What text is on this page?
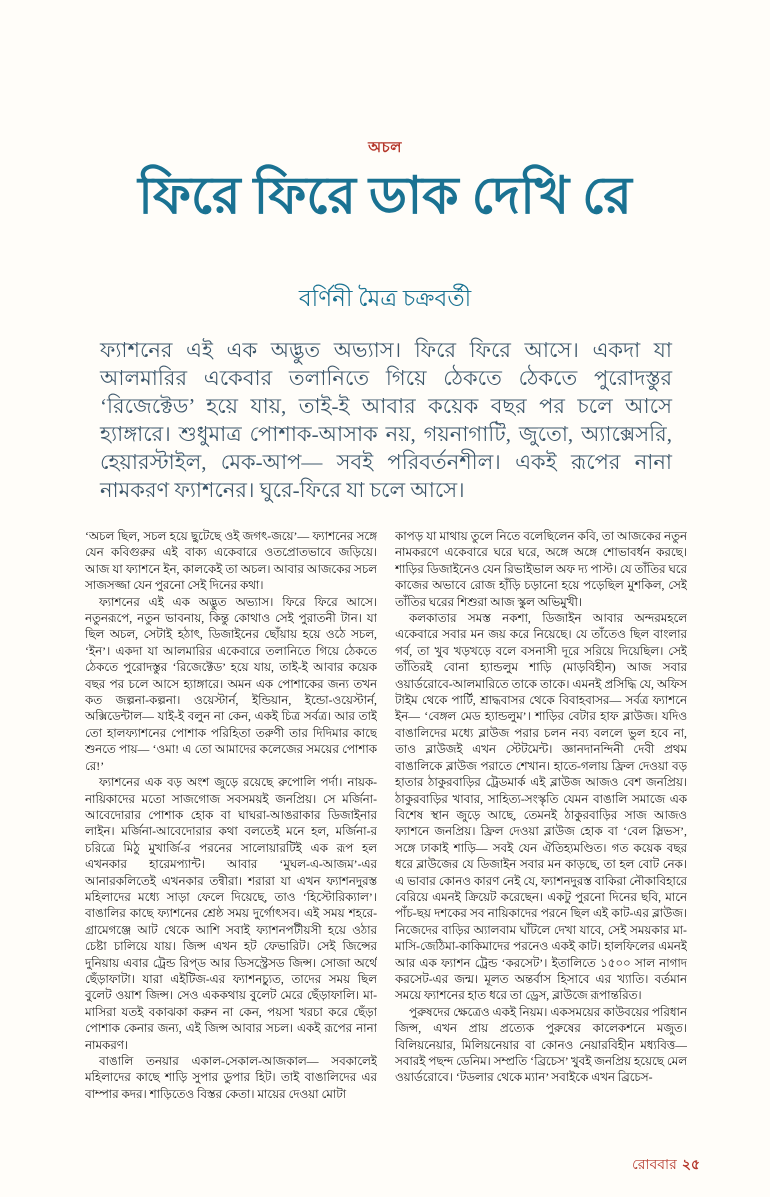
অচল
ফিরে ফিরে ডাক দেখি রে
বর্ণিনী মৈত্র চক্রবর্তী
ফ্যাশনের এই এক অদ্ভুত অভ্যাস। ফিরে ফিরে আসে। একদা যা আলমারির একেবার তলানিতে গিয়ে ঠেকতে ঠেকতে পুরোদস্তুর ‘রিজেক্টেড’ হয়ে যায়, তাই-ই আবার কয়েক বছর পর চলে আসে হ্যাঙ্গারে। শুধুমাত্র পোশাক-আসাক নয়, গয়নাগাটি, জুতো, অ্যাক্সেসরি, হেয়ারস্টাইল, মেক-আপ— সবই পরিবর্তনশীল। একই রূপের নানা নামকরণ ফ্যাশনের। ঘুরে-ফিরে যা চলে আসে।

‘অচল ছিল, সচল হয়ে ছুটেছে ওই জগৎ-জয়ে’— ফ্যাশনের সঙ্গে যেন কবিগুরুর এই বাক্য একেবারে ওতপ্রোতভাবে জড়িয়ে। আজ যা ফ্যাশনে ইন, কালকেই তা অচল। আবার আজকের সচল সাজসজ্জা যেন পুরনো সেই দিনের কথা।

ফ্যাশনের এই এক অদ্ভুত অভ্যাস। ফিরে ফিরে আসে। নতুনরূপে, নতুন ভাবনায়, কিন্তু কোথাও সেই পুরাতনী টান। যা ছিল অচল, সেটাই হঠাৎ, ডিজাইনের ছোঁয়ায় হয়ে ওঠে সচল, ‘ইন’। একদা যা আলমারির একেবারে তলানিতে গিয়ে ঠেকতে ঠেকতে পুরোদস্তুর ‘রিজেক্টেড’ হয়ে যায়, তাই-ই আবার কয়েক বছর পর চলে আসে হ্যাঙ্গারে। অমন এক পোশাকের জন্য তখন কত জল্পনা-কল্পনা। ওয়েস্টার্ন, ইন্ডিয়ান, ইন্ডো-ওয়েস্টার্ন, অক্সিডেন্টাল— যাই-ই বলুন না কেন, একই চিত্র সর্বত্র। আর তাই তো হালফ্যাশনের পোশাক পরিহিতা তরুণী তার দিদিমার কাছে শুনতে পায়— ‘ওমা! এ তো আমাদের কলেজের সময়ের পোশাক রে!’

ফ্যাশনের এক বড় অংশ জুড়ে রয়েছে রুপোলি পর্দা। নায়ক-নায়িকাদের মতো সাজগোজ সবসময়ই জনপ্রিয়। সে মর্জিনা-আবেদোরার পোশাক হোক বা ঘাঘরা-আঙরাকার ডিজাইনার লাইন। মর্জিনা-আবেদোরার কথা বলতেই মনে হল, মর্জিনা-র চরিত্রে মিঠু মুখার্জি-র পরনের সালোয়ারটিই এক রূপ হল এখনকার হারেমপ্যান্ট। আবার ‘মুঘল-এ-আজম’-এর আনারকলিতেই এখনকার তন্বীরা। শরারা যা এখন ফ্যাশনদুরস্ত মহিলাদের মধ্যে সাড়া ফেলে দিয়েছে, তাও ‘হিস্টোরিক্যাল’। বাঙালির কাছে ফ্যাশনের শ্রেষ্ঠ সময় দুর্গোৎসব। এই সময় শহরে-গ্রামেগঞ্জে আট থেকে আশি সবাই ফ্যাশনপটীয়সী হয়ে ওঠার চেষ্টা চালিয়ে যায়। জিন্স এখন হট ফেভারিট। সেই জিন্সের দুনিয়ায় এবার ট্রেন্ড রিপ্ড আর ডিসস্ট্রেসড জিন্স। সোজা অর্থে ছেঁড়াফাটা। যারা এইটিজ-এর ফ্যাশনচ্যুত, তাদের সময় ছিল বুলেট ওয়াশ জিন্স। সেও এককথায় বুলেট মেরে ছেঁড়াফালি। মা-মাসিরা যতই বকাঝকা করুন না কেন, পয়সা খরচা করে ছেঁড়া পোশাক কেনার জন্য, এই জিন্স আবার সচল। একই রূপের নানা নামকরণ।

বাঙালি তনয়ার একাল-সেকাল-আজকাল— সবকালেই মহিলাদের কাছে শাড়ি সুপার ডুপার হিট। তাই বাঙালিদের এর বাম্পার কদর। শাড়িতেও বিস্তর কেতা। মায়ের দেওয়া মোটা

কাপড় যা মাথায় তুলে নিতে বলেছিলেন কবি, তা আজকের নতুন নামকরণে একেবারে ঘরে ঘরে, অঙ্গে অঙ্গে শোভাবর্ধন করছে। শাড়ির ডিজাইনেও যেন রিভাইভাল অফ দ্য পাস্ট। যে তাঁতির ঘরে কাজের অভাবে রোজ হাঁড়ি চড়ানো হয়ে পড়েছিল মুশকিল, সেই তাঁতির ঘরের শিশুরা আজ স্কুল অভিমুখী।

কলকাতার সমস্ত নকশা, ডিজাইন আবার অন্দরমহলে একেবারে সবার মন জয় করে নিয়েছে। যে তাঁতেও ছিল বাংলার গর্ব, তা খুব খড়খড়ে বলে বসনাসী দূরে সরিয়ে দিয়েছিল। সেই তাঁতিরই বোনা হ্যান্ডলুম শাড়ি (মাড়বিহীন) আজ সবার ওয়ার্ডরোবে-আলমারিতে তাকে তাকে। এমনই প্রসিদ্ধি যে, অফিস টাইম থেকে পার্টি, শ্রাদ্ধবাসর থেকে বিবাহবাসর— সর্বত্র ফ্যাশনে ইন— ‘বেঙ্গল মেড হ্যান্ডলুম’। শাড়ির বেটার হাফ ব্লাউজ। যদিও বাঙালিদের মধ্যে ব্লাউজ পরার চলন নব্য বললে ভুল হবে না, তাও ব্লাউজই এখন স্টেটমেন্ট। জ্ঞানদানন্দিনী দেবী প্রথম বাঙালিকে ব্লাউজ পরাতে শেখান। হাতে-গলায় ফ্রিল দেওয়া বড় হাতার ঠাকুরবাড়ির ট্রেডমার্ক এই ব্লাউজ আজও বেশ জনপ্রিয়। ঠাকুরবাড়ির খাবার, সাহিত্য-সংস্কৃতি যেমন বাঙালি সমাজে এক বিশেষ স্থান জুড়ে আছে, তেমনই ঠাকুরবাড়ির সাজ আজও ফ্যাশনে জনপ্রিয়। ফ্রিল দেওয়া ব্লাউজ হোক বা ‘বেল স্লিভস’, সঙ্গে ঢাকাই শাড়ি— সবই যেন ঐতিহ্যমণ্ডিত। গত কয়েক বছর ধরে ব্লাউজের যে ডিজাইন সবার মন কাড়ছে, তা হল বোট নেক। এ ভাবার কোনও কারণ নেই যে, ফ্যাশনদুরস্ত বাকিরা নৌকাবিহারে বেরিয়ে এমনই ক্রিয়েট করেছেন। একটু পুরনো দিনের ছবি, মানে পাঁচ-ছয় দশকের সব নায়িকাদের পরনে ছিল এই কাট-এর ব্লাউজ। নিজেদের বাড়ির অ্যালবাম ঘাঁটলে দেখা যাবে, সেই সময়কার মা-মাসি-জেঠিমা-কাকিমাদের পরনেও একই কাট। হালফিলের এমনই আর এক ফ্যাশন ট্রেন্ড ‘করসেট’। ইতালিতে ১৫০০ সাল নাগাদ করসেট-এর জন্ম। মূলত অন্তর্বাস হিসাবে এর খ্যাতি। বর্তমান সময়ে ফ্যাশনের হাত ধরে তা ড্রেস, ব্লাউজে রূপান্তরিত।

পুরুষদের ক্ষেত্রেও একই নিয়ম। একসময়ের কাউবয়ের পরিধান জিন্স, এখন প্রায় প্রত্যেক পুরুষের কালেকশনে মজুত। বিলিয়নেয়ার, মিলিয়নেয়ার বা কোনও নেয়ারবিহীন মধ্যবিত্ত— সবারই পছন্দ ডেনিম। সম্প্রতি ‘ব্রিচেস’ খুবই জনপ্রিয় হয়েছে মেল ওয়ার্ডরোবে। ‘টডলার থেকে ম্যান’ সবাইকে এখন ব্রিচেস-

রোববার ২৫
